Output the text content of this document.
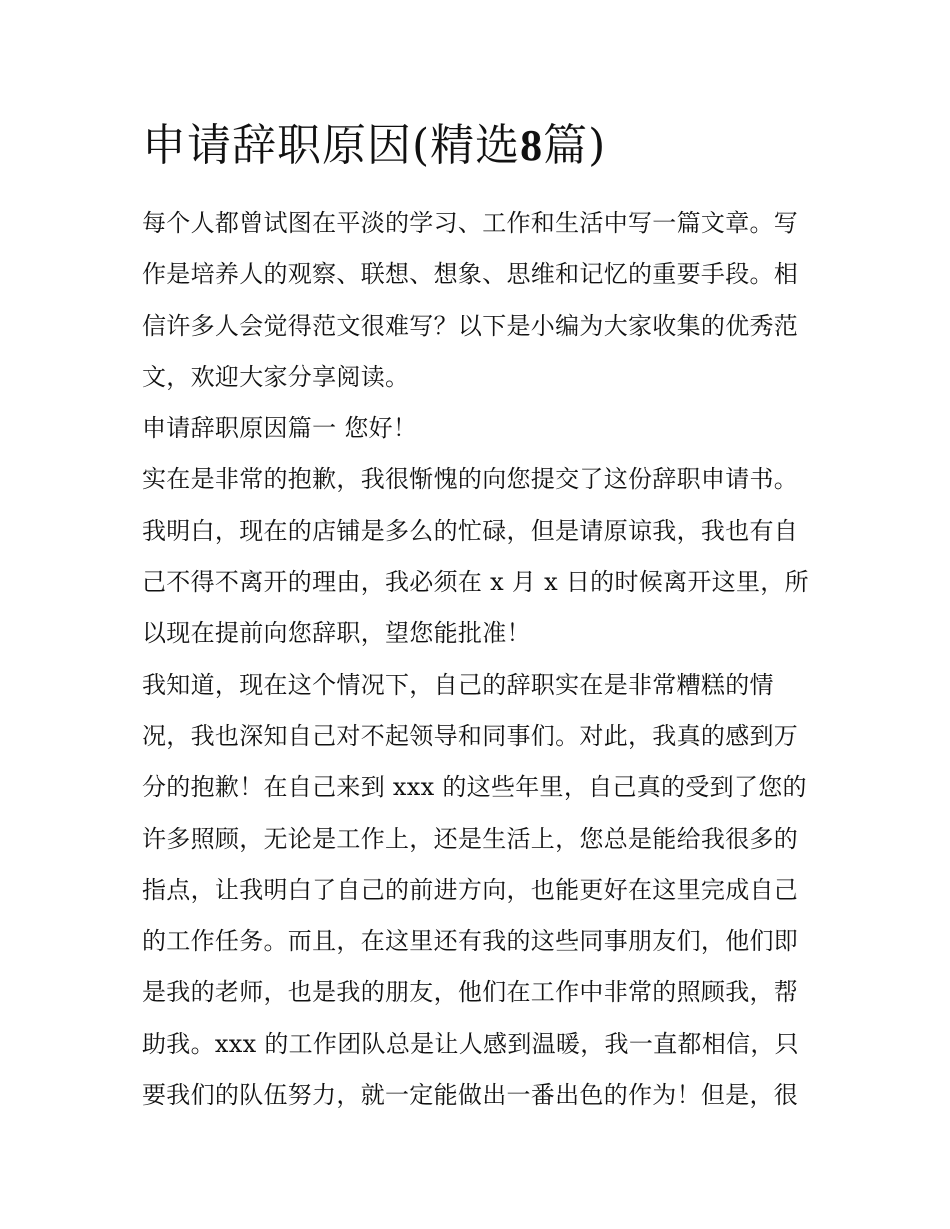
申请辞职原因(精选8篇)
每个人都曾试图在平淡的学习、工作和生活中写一篇文章。写
作是培养人的观察、联想、想象、思维和记忆的重要手段。相
信许多人会觉得范文很难写？以下是小编为大家收集的优秀范
文，欢迎大家分享阅读。
申请辞职原因篇一 您好！
实在是非常的抱歉，我很惭愧的向您提交了这份辞职申请书。
我明白，现在的店铺是多么的忙碌，但是请原谅我，我也有自
己不得不离开的理由，我必须在 x 月 x 日的时候离开这里，所
以现在提前向您辞职，望您能批准！
我知道，现在这个情况下，自己的辞职实在是非常糟糕的情
况，我也深知自己对不起领导和同事们。对此，我真的感到万
分的抱歉！在自己来到 xxx 的这些年里，自己真的受到了您的
许多照顾，无论是工作上，还是生活上，您总是能给我很多的
指点，让我明白了自己的前进方向，也能更好在这里完成自己
的工作任务。而且，在这里还有我的这些同事朋友们，他们即
是我的老师，也是我的朋友，他们在工作中非常的照顾我，帮
助我。xxx 的工作团队总是让人感到温暖，我一直都相信，只
要我们的队伍努力，就一定能做出一番出色的作为！但是，很
